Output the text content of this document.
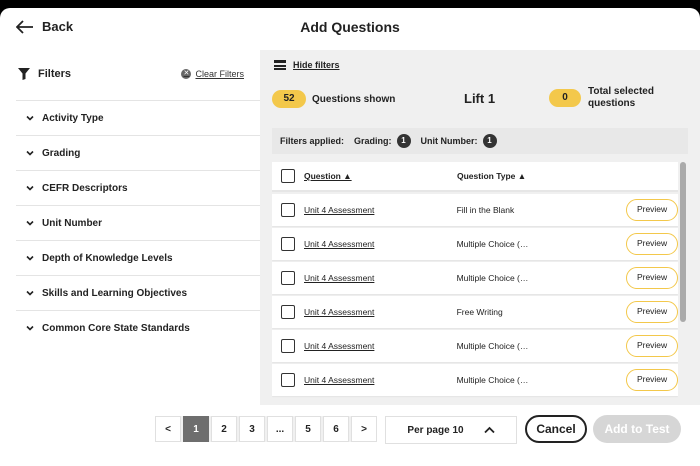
Back	Add Questions
Filters	✕ Clear Filters
Activity Type
Grading
CEFR Descriptors
Unit Number
Depth of Knowledge Levels
Skills and Learning Objectives
Common Core State Standards
Hide filters
52	Questions shown	Lift 1	0
Total selected
questions
Filters applied: Grading:	1	Unit Number:	1
Question ▲	Question Type ▲
Unit 4 Assessment	Fill in the Blank	Preview
Unit 4 Assessment	Multiple Choice (…	Preview
Unit 4 Assessment	Multiple Choice (…	Preview
Unit 4 Assessment	Free Writing	Preview
Unit 4 Assessment	Multiple Choice (…	Preview
Unit 4 Assessment	Multiple Choice (…	Preview
<	1	2	3	...	5	6	>	Per page 10	Cancel	Add to Test
